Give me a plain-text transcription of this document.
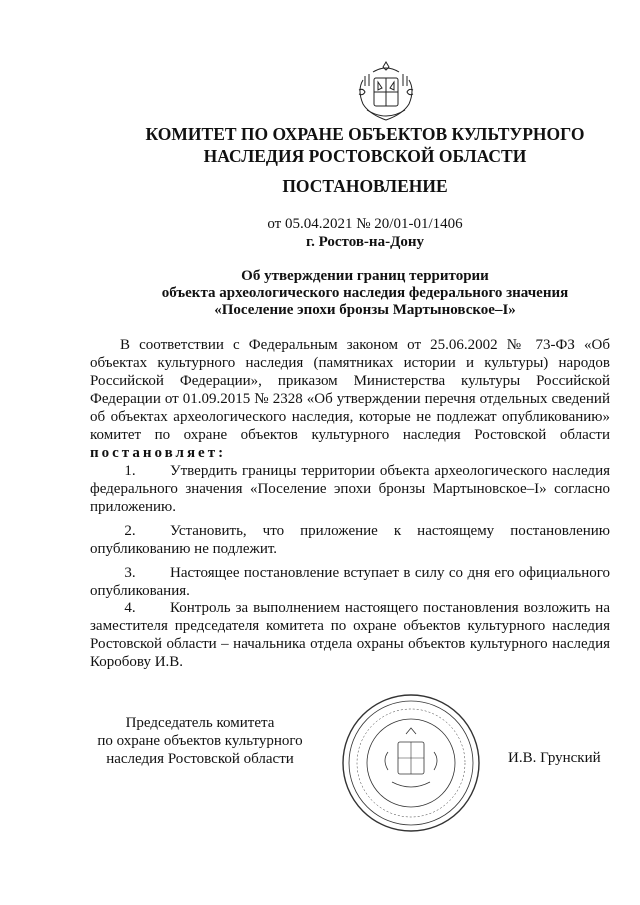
КОМИТЕТ ПО ОХРАНЕ ОБЪЕКТОВ КУЛЬТУРНОГО
НАСЛЕДИЯ РОСТОВСКОЙ ОБЛАСТИ
ПОСТАНОВЛЕНИЕ
от 05.04.2021 № 20/01-01/1406
г. Ростов-на-Дону
Об утверждении границ территории
объекта археологического наследия федерального значения
«Поселение эпохи бронзы Мартыновское–I»
В соответствии с Федеральным законом от 25.06.2002 № 73-ФЗ «Об объектах культурного наследия (памятниках истории и культуры) народов Российской Федерации», приказом Министерства культуры Российской Федерации от 01.09.2015 № 2328 «Об утверждении перечня отдельных сведений об объектах археологического наследия, которые не подлежат опубликованию» комитет по охране объектов культурного наследия Ростовской области постановляет:
1. Утвердить границы территории объекта археологического наследия федерального значения «Поселение эпохи бронзы Мартыновское–I» согласно приложению.
2. Установить, что приложение к настоящему постановлению опубликованию не подлежит.
3. Настоящее постановление вступает в силу со дня его официального опубликования.
4. Контроль за выполнением настоящего постановления возложить на заместителя председателя комитета по охране объектов культурного наследия Ростовской области – начальника отдела охраны объектов культурного наследия Коробову И.В.
Председатель комитета
по охране объектов культурного
наследия Ростовской области	И.В. Грунский
